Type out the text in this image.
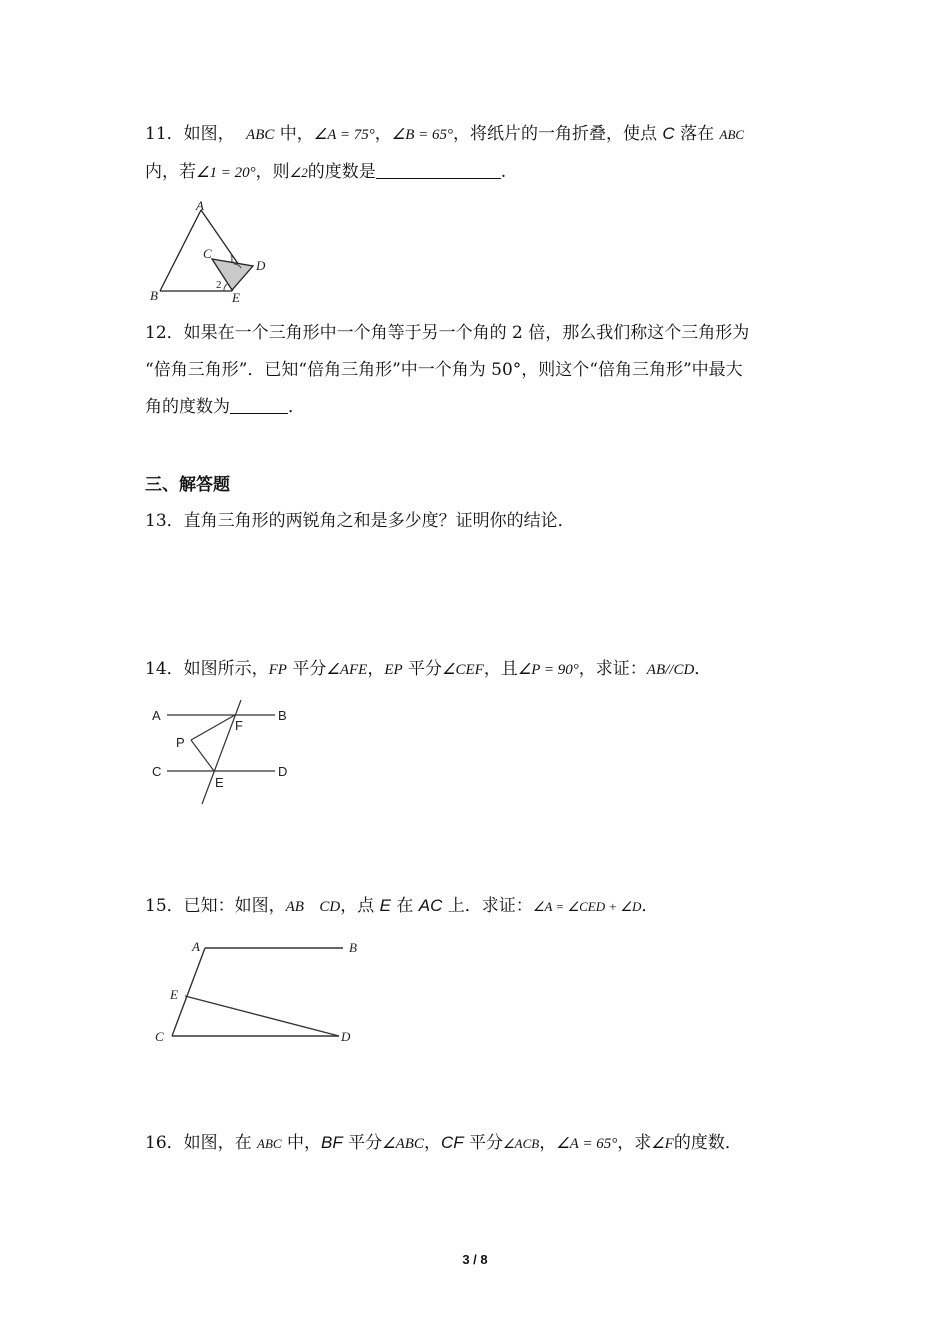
11．如图， ABC 中，∠A = 75°，∠B = 65°，将纸片的一角折叠，使点 C 落在 ABC
内，若∠1 = 20°，则∠2的度数是	.
A
B
C
D
E
1
2
12．如果在一个三角形中一个角等于另一个角的 2 倍，那么我们称这个三角形为
“倍角三角形”．已知“倍角三角形”中一个角为 50°，则这个“倍角三角形”中最大
角的度数为	．
三、解答题
13．直角三角形的两锐角之和是多少度？证明你的结论．
14．如图所示，FP 平分∠AFE，EP 平分∠CEF，且∠P = 90°，求证：AB//CD．
A	B
C	D
F
P
E
15．已知：如图，AB CD，点 E 在 AC 上．求证：∠A = ∠CED + ∠D．
A	B
E
C	D
16．如图，在 ABC 中，BF 平分∠ABC，CF 平分∠ACB，∠A = 65°，求∠F的度数．
3 / 8
